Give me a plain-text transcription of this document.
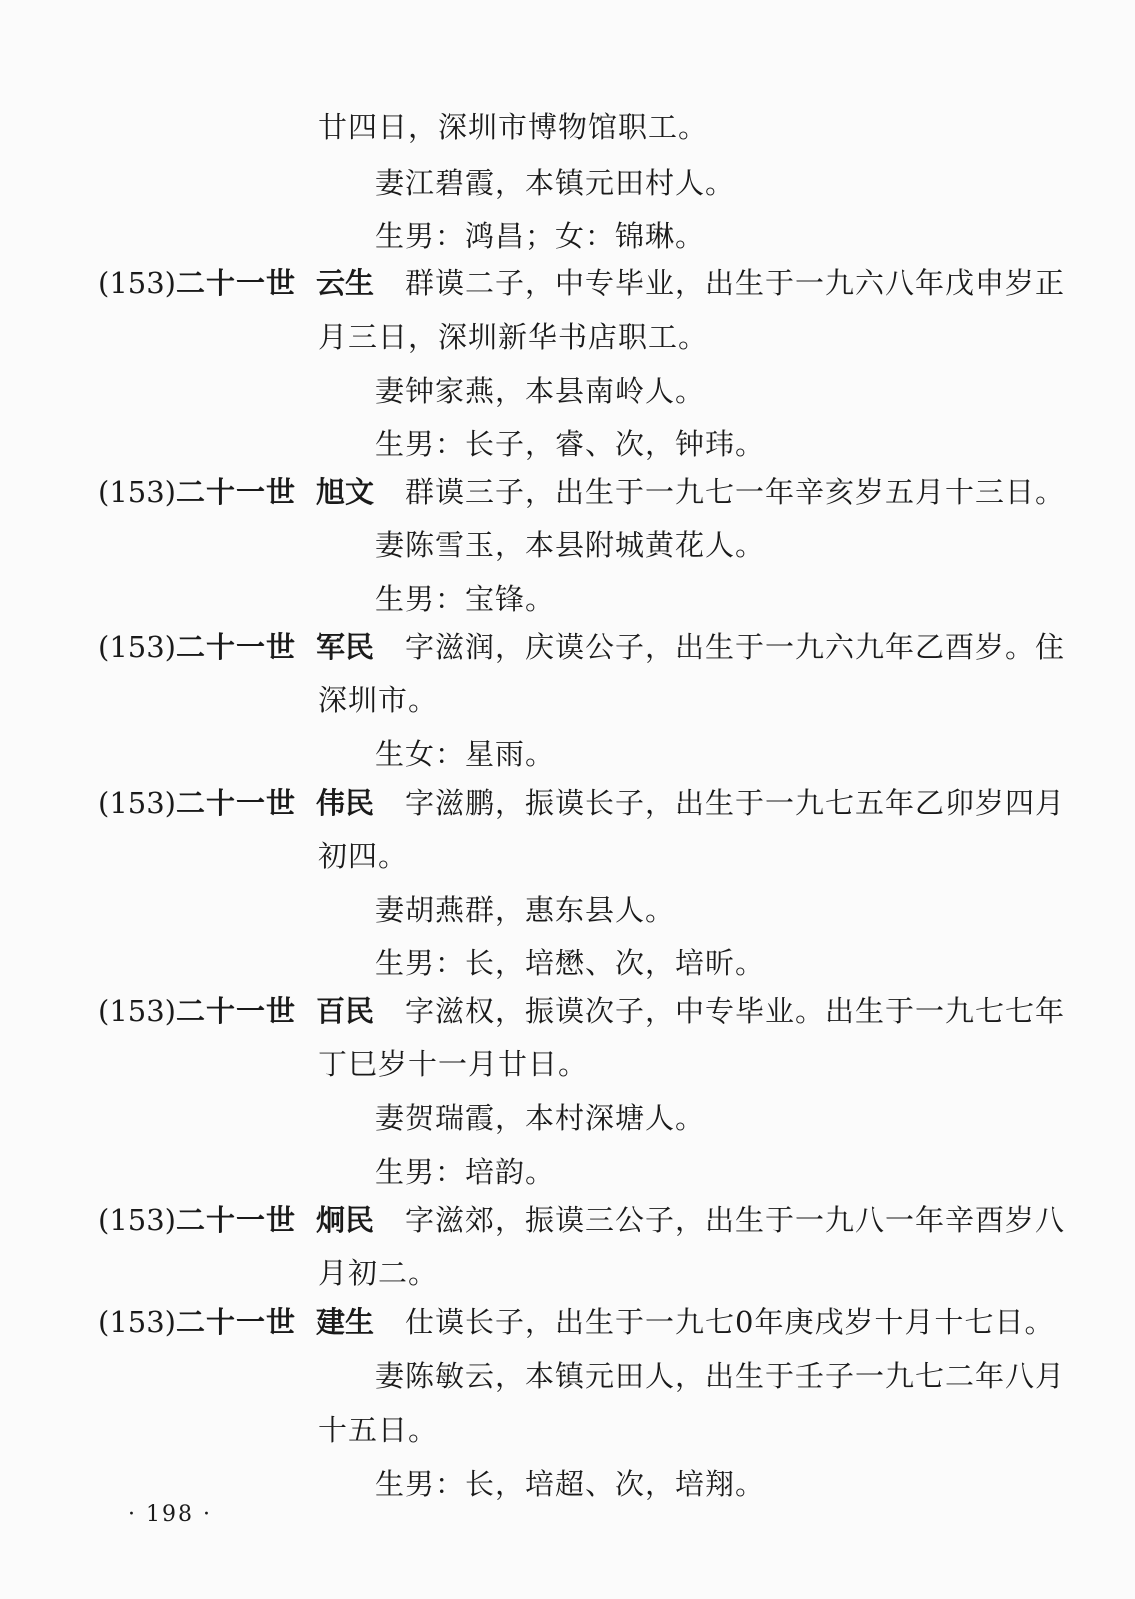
廿四日，深圳市博物馆职工。
妻江碧霞，本镇元田村人。
生男：鸿昌；女：锦琳。
(153)二十一世 云生 群谟二子，中专毕业，出生于一九六八年戊申岁正
月三日，深圳新华书店职工。
妻钟家燕，本县南岭人。
生男：长子，睿、次，钟玮。
(153)二十一世 旭文 群谟三子，出生于一九七一年辛亥岁五月十三日。
妻陈雪玉，本县附城黄花人。
生男：宝锋。
(153)二十一世 军民 字滋润，庆谟公子，出生于一九六九年乙酉岁。住
深圳市。
生女：星雨。
(153)二十一世 伟民 字滋鹏，振谟长子，出生于一九七五年乙卯岁四月
初四。
妻胡燕群，惠东县人。
生男：长，培懋、次，培昕。
(153)二十一世 百民 字滋权，振谟次子，中专毕业。出生于一九七七年
丁巳岁十一月廿日。
妻贺瑞霞，本村深塘人。
生男：培韵。
(153)二十一世 炯民 字滋郊，振谟三公子，出生于一九八一年辛酉岁八
月初二。
(153)二十一世 建生 仕谟长子，出生于一九七0年庚戌岁十月十七日。
妻陈敏云，本镇元田人，出生于壬子一九七二年八月
十五日。
生男：长，培超、次，培翔。
· 198 ·
